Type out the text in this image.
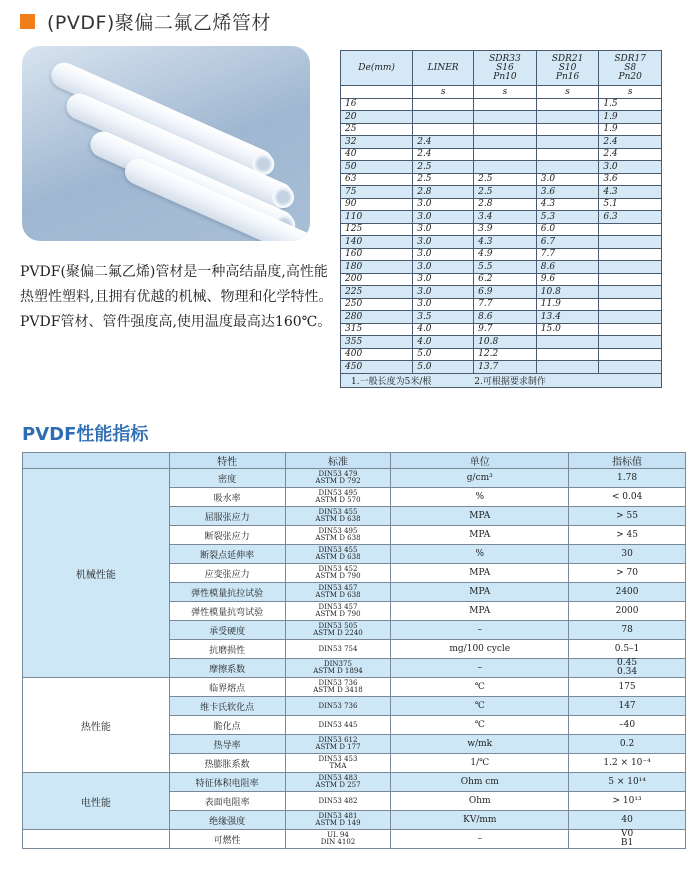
(PVDF)聚偏二氟乙烯管材

PVDF(聚偏二氟乙烯)管材是一种高结晶度,高性能热塑性塑料,且拥有优越的机械、物理和化学特性。PVDF管材、管件强度高,使用温度最高达160℃。

De(mm)	LINER	SDR33
S16
Pn10	SDR21
S10
Pn16	SDR17
S8
Pn20
	s	s	s	s
16				1.5
20				1.9
25				1.9
32	2.4			2.4
40	2.4			2.4
50	2.5			3.0
63	2.5	2.5	3.0	3.6
75	2.8	2.5	3.6	4.3
90	3.0	2.8	4.3	5.1
110	3.0	3.4	5.3	6.3
125	3.0	3.9	6.0	
140	3.0	4.3	6.7	
160	3.0	4.9	7.7	
180	3.0	5.5	8.6	
200	3.0	6.2	9.6	
225	3.0	6.9	10.8	
250	3.0	7.7	11.9	
280	3.5	8.6	13.4	
315	4.0	9.7	15.0	
355	4.0	10.8		
400	5.0	12.2		
450	5.0	13.7		
1.一般长度为5米/根 2.可根据要求制作				
PVDF性能指标
	特性	标准	单位	指标值
机械性能	密度	DIN53 479
ASTM D 792	g/cm³	1.78
	吸水率	DIN53 495
ASTM D 570	%	< 0.04
	屈服张应力	DIN53 455
ASTM D 638	MPA	> 55
	断裂张应力	DIN53 495
ASTM D 638	MPA	> 45
	断裂点延伸率	DIN53 455
ASTM D 638	%	30
	应变张应力	DIN53 452
ASTM D 790	MPA	> 70
	弹性模量抗拉试验	DIN53 457
ASTM D 638	MPA	2400
	弹性模量抗弯试验	DIN53 457
ASTM D 790	MPA	2000
	承受硬度	DIN53 505
ASTM D 2240	–	78
	抗磨损性	DIN53 754	mg/100 cycle	0.5–1
	摩擦系数	DIN375
ASTM D 1894	–	0.45
0.34
热性能	临界熔点	DIN53 736
ASTM D 3418	℃	175
	维卡氏软化点	DIN53 736	℃	147
	脆化点	DIN53 445	℃	–40
	热导率	DIN53 612
ASTM D 177	w/mk	0.2
	热膨胀系数	DIN53 453
TMA	1/℃	1.2 × 10⁻⁴
电性能	特征体积电阻率	DIN53 483
ASTM D 257	Ohm cm	5 × 10¹⁴
	表面电阻率	DIN53 482	Ohm	> 10¹³
	绝缘强度	DIN53 481
ASTM D 149	KV/mm	40
	可燃性	UL 94
DIN 4102	–	V0
B1
